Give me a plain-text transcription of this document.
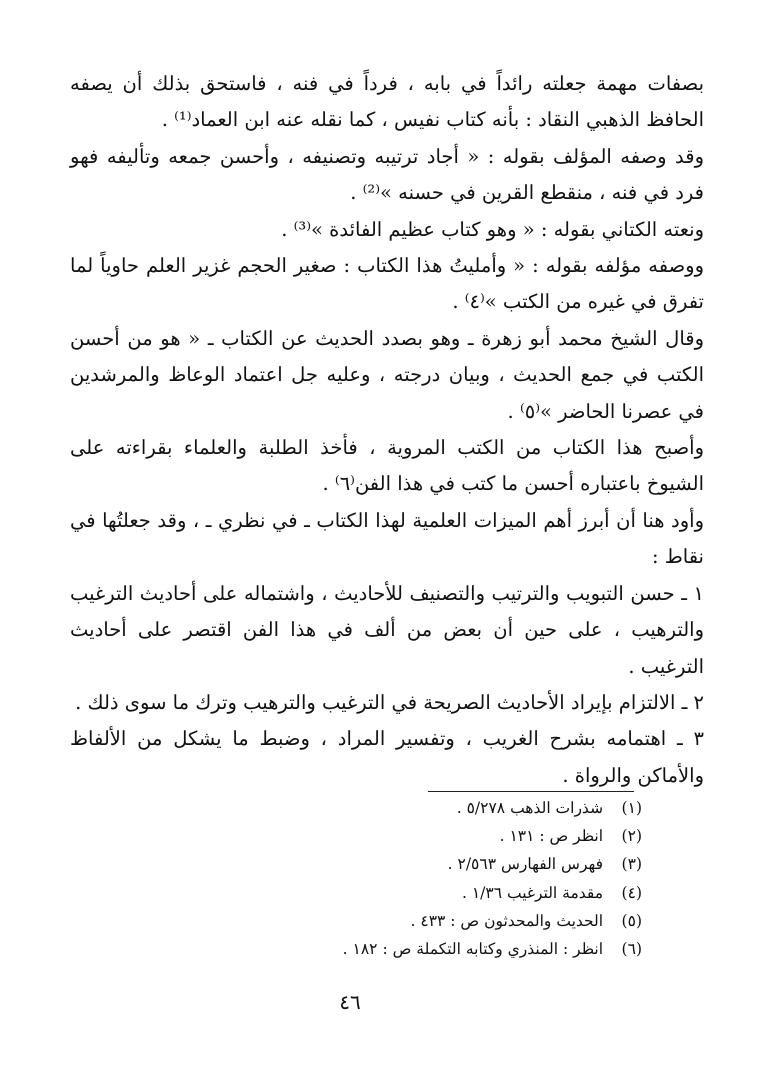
بصفات مهمة جعلته رائداً في بابه ، فرداً في فنه ، فاستحق بذلك أن يصفه الحافظ الذهبي النقاد : بأنه كتاب نفيس ، كما نقله عنه ابن العماد⁽¹⁾ .

وقد وصفه المؤلف بقوله : « أجاد ترتيبه وتصنيفه ، وأحسن جمعه وتأليفه فهو فرد في فنه ، منقطع القرين في حسنه »⁽²⁾ .

ونعته الكتاني بقوله : « وهو كتاب عظيم الفائدة »⁽³⁾ .

ووصفه مؤلفه بقوله : « وأمليتُ هذا الكتاب : صغير الحجم غزير العلم حاوياً لما تفرق في غيره من الكتب »⁽٤⁾ .

وقال الشيخ محمد أبو زهرة ـ وهو بصدد الحديث عن الكتاب ـ « هو من أحسن الكتب في جمع الحديث ، وبيان درجته ، وعليه جل اعتماد الوعاظ والمرشدين في عصرنا الحاضر »⁽٥⁾ .

وأصبح هذا الكتاب من الكتب المروية ، فأخذ الطلبة والعلماء بقراءته على الشيوخ باعتباره أحسن ما كتب في هذا الفن⁽٦⁾ .

وأود هنا أن أبرز أهم الميزات العلمية لهذا الكتاب ـ في نظري ـ ، وقد جعلتُها في نقاط :

١ ـ حسن التبويب والترتيب والتصنيف للأحاديث ، واشتماله على أحاديث الترغيب والترهيب ، على حين أن بعض من ألف في هذا الفن اقتصر على أحاديث الترغيب .

٢ ـ الالتزام بإيراد الأحاديث الصريحة في الترغيب والترهيب وترك ما سوى ذلك .

٣ ـ اهتمامه بشرح الغريب ، وتفسير المراد ، وضبط ما يشكل من الألفاظ والأماكن والرواة .

(١) شذرات الذهب ٥/٢٧٨ .
(٢) انظر ص : ١٣١ .
(٣) فهرس الفهارس ٢/٥٦٣ .
(٤) مقدمة الترغيب ١/٣٦ .
(٥) الحديث والمحدثون ص : ٤٣٣ .
(٦) انظر : المنذري وكتابه التكملة ص : ١٨٢ .
٤٦
